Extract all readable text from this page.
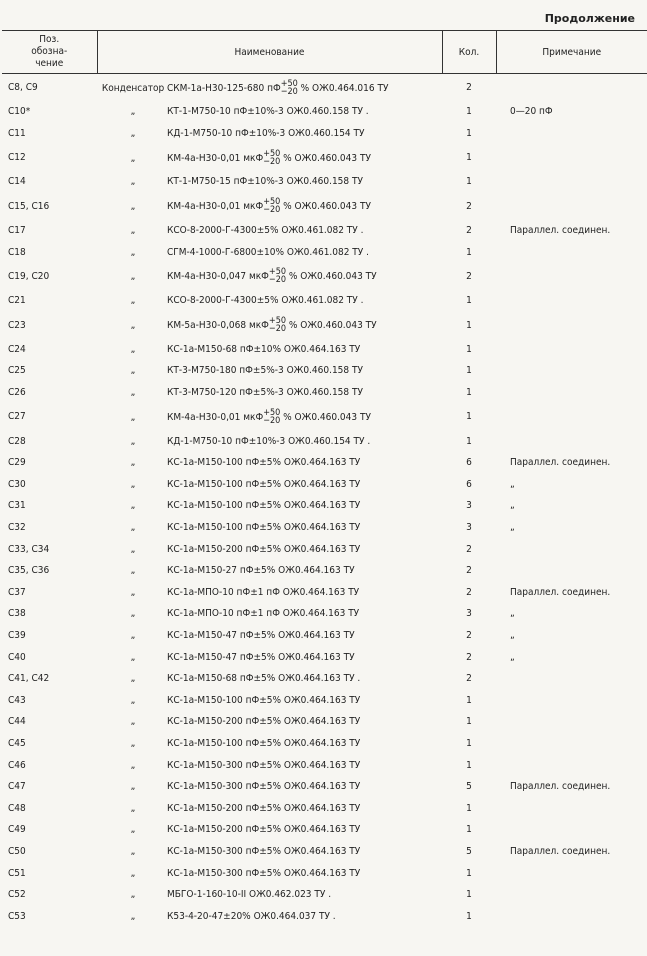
Продолжение
Поз.
обозна-
чение	Наименование	Кол.	Примечание
C8, C9	Конденсатор СКМ-1а-Н30-125-680 пФ +50
−20 % ОЖ0.464.016 ТУ	2	
C10*	„ КТ-1-М750-10 пФ±10%-3 ОЖ0.460.158 ТУ .	1	0—20 пФ
C11	„ КД-1-М750-10 пФ±10%-3 ОЖ0.460.154 ТУ	1	
C12	„ КМ-4а-Н30-0,01 мкФ +50
−20 % ОЖ0.460.043 ТУ	1	
C14	„ КТ-1-М750-15 пФ±10%-3 ОЖ0.460.158 ТУ	1	
C15, C16	„ КМ-4а-Н30-0,01 мкФ +50
−20 % ОЖ0.460.043 ТУ	2	
C17	„ КСО-8-2000-Г-4300±5% ОЖ0.461.082 ТУ .	2	Параллел. соединен.
C18	„ СГМ-4-1000-Г-6800±10% ОЖ0.461.082 ТУ .	1	
C19, C20	„ КМ-4а-Н30-0,047 мкФ +50
−20 % ОЖ0.460.043 ТУ	2	
C21	„ КСО-8-2000-Г-4300±5% ОЖ0.461.082 ТУ .	1	
C23	„ КМ-5а-Н30-0,068 мкФ +50
−20 % ОЖ0.460.043 ТУ	1	
C24	„ КС-1а-М150-68 пФ±10% ОЖ0.464.163 ТУ	1	
C25	„ КТ-3-М750-180 пФ±5%-3 ОЖ0.460.158 ТУ	1	
C26	„ КТ-3-М750-120 пФ±5%-3 ОЖ0.460.158 ТУ	1	
C27	„ КМ-4а-Н30-0,01 мкФ +50
−20 % ОЖ0.460.043 ТУ	1	
C28	„ КД-1-М750-10 пФ±10%-3 ОЖ0.460.154 ТУ .	1	
C29	„ КС-1а-М150-100 пФ±5% ОЖ0.464.163 ТУ	6	Параллел. соединен.
C30	„ КС-1а-М150-100 пФ±5% ОЖ0.464.163 ТУ	6	„
C31	„ КС-1а-М150-100 пФ±5% ОЖ0.464.163 ТУ	3	„
C32	„ КС-1а-М150-100 пФ±5% ОЖ0.464.163 ТУ	3	„
C33, C34	„ КС-1а-М150-200 пФ±5% ОЖ0.464.163 ТУ	2	
C35, C36	„ КС-1а-М150-27 пФ±5% ОЖ0.464.163 ТУ	2	
C37	„ КС-1а-МПО-10 пФ±1 пФ ОЖ0.464.163 ТУ	2	Параллел. соединен.
C38	„ КС-1а-МПО-10 пФ±1 пФ ОЖ0.464.163 ТУ	3	„
C39	„ КС-1а-М150-47 пФ±5% ОЖ0.464.163 ТУ	2	„
C40	„ КС-1а-М150-47 пФ±5% ОЖ0.464.163 ТУ	2	„
C41, C42	„ КС-1а-М150-68 пФ±5% ОЖ0.464.163 ТУ .	2	
C43	„ КС-1а-М150-100 пФ±5% ОЖ0.464.163 ТУ	1	
C44	„ КС-1а-М150-200 пФ±5% ОЖ0.464.163 ТУ	1	
C45	„ КС-1а-М150-100 пФ±5% ОЖ0.464.163 ТУ	1	
C46	„ КС-1а-М150-300 пФ±5% ОЖ0.464.163 ТУ	1	
C47	„ КС-1а-М150-300 пФ±5% ОЖ0.464.163 ТУ	5	Параллел. соединен.
C48	„ КС-1а-М150-200 пФ±5% ОЖ0.464.163 ТУ	1	
C49	„ КС-1а-М150-200 пФ±5% ОЖ0.464.163 ТУ	1	
C50	„ КС-1а-М150-300 пФ±5% ОЖ0.464.163 ТУ	5	Параллел. соединен.
C51	„ КС-1а-М150-300 пФ±5% ОЖ0.464.163 ТУ	1	
C52	„ МБГО-1-160-10-II ОЖ0.462.023 ТУ .	1	
C53	„ К53-4-20-47±20% ОЖ0.464.037 ТУ .	1	
